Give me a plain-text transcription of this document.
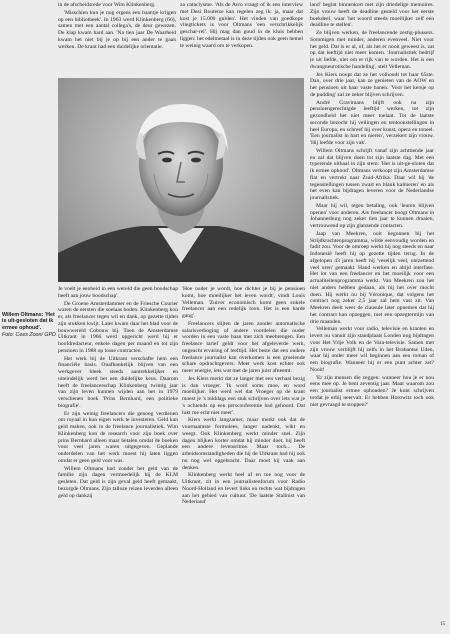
in de afscheidsrede voor Wim Klinkenberg.

'Misschien kun je nog ergens een baantje krijgen op een bibliotheek'. In 1963 werd Klinkenberg (66), samen met een aantal collega's, de deur gewezen. De klap kwam hard aan. 'Na tien jaar De Waarheid kwam het niet bij je op bij een ander te gaan werken. De krant had een duidelijke orientatie.

zo cataclysme. 'Als de Avro vraagt of ik een interview met Desi Bouterse kan regelen zeg ik: ja, maar dat kost je 15.000 gulden'. Het vinden van goedkope vliegtickets is voor Oltmans 'een verschrikkelijk geschar-rel'. Hij mag dan goud in de kluis hebben liggen: het edelmetaal is in deze tijden ook geen hemel te weinig waard om te verkopen.

Willem Oltmans: 'Het is uit-gesloten dat ik ermee ophoud'.
Foto: Cees Zoon/ GPD

land' begint binnenkort met zijn driedelige memoires. Zijn vrouw heeft de deadline gesteld voor het eerste boekdeel, waar 'het woord steeds moeilijker zelf een deadline te stellen'.

Ze blijven werken, de freelancende zestig-plussers. Sommigen met minder, anderen evenveel. Niet voor het geld. Dat is er al, of, als het er nooit geweest is, zat op dat leeftijd niet meer komen. 'Journalistiek bedrijf je uit liefde, niet om er rijk van te worden. Het is een dwangneurotische handeling', stelt Velleman.

Jes Kiers noopt dat ze het volhoudt tot haar 65ste. Dan, over drie jaar, kan ze genieten van de AOW en het pensioen uit haar vaste banen. 'Voor het kersje op de pudding' zal ze zeker blijven schrijven.

André Gravimans blijft ook na zijn pensioengerechtigde leeftijd werken, tot zijn gezondheid het niet meer toelaat. Tot de laatste seconde bezocht hij veilingen en tentoonstellingen in heel Europa, en schreef hij over kunst, opera en toneel. 'Een journalist in hart en nieren', verzekert zijn vrouw. 'Hij leefde voor zijn vak'.

Willem Oltmans schrijft vanaf zijn achttiende jaar en zal dat blijven doen tot zijn laatste dag. Met een typerende uithaal in zijn stem: 'Het is uit-ge-sloten dat ik ermee ophoud'. Oltmans verkoopt zijn Amsterdamse flat en vertrekt naar Zuid-Afrika. Daar wil hij 'de tegenstellingen tussen zwart en blank kalmeren' en als het even kan bijdragen leveren voor de Nederlandse journalistiek.

Maar hij wil, tegen betaling, ook 'leuren blijven openen' voor anderen. Als freelancer boogt Oltmans in Johannesburg nog zeker tien jaar te kunnen draaien, vertrouwend op zijn glanzende contacten.

Jaap van Meekren, ooit begonnen bij het Strijdkrachtenprogramma, wilde eenvoudig worden en fadit zou. Voor de omroep werkt hij nog steeds en naar Indonesië heeft hij op gezette tijden terug. In de afgelopen 43 jaren heeft hij 'veselijk veel, ontzettend veel uren' gemaakt. Hand werken en altijd interfase. Het lot van een freelancer en het moeilijk voor een actualiteitenprogramma werkt. Van Meekren zou het niet anders hebben gedaan, als hij het over mocht doen. Hij werkt nu bij Véronique, dat volgens het contract nog zeker 2,5 jaar zal hem vast zit. Van Meekren deelt weer de clausule later opnemen dat hij het contract kan opzeggen, met een opzegtermijn van drie maanden.

Velleman werkt voor radio, televisie en kranten en levert nu vanuit zijn standplaats Londen nog bijdragen voor Het Vrije Volk en de Vara-televisie. Samen met zijn vrouw verblijft hij zelfs in het Brabantse Uden, waar hij onder meer wil beginnen aan een roman of een biografie. Wanneer hij er een punt achter zet? Nooit!

'Er zijn mensen die zeggen: wanneer hou je er nou eens mee op. Je bent zeventig jaar. Maar waarom zou een journalist ermee ophouden? Je kunt schrijven totdat je erbij neervalt. Er hebben Horowitz toch ook niet gevraagd te stoppen?'

Je voelt je eenheid in een wereld die geen boodschap heeft aan jouw boodschap'.

De Groene Amsterdammer en de Friesche Courier waren de eersten die soelaas boden. Klinkenberg kon er, als freelancer tegen wil en dank, op gezette tijden zijn stukken kwijt. Later kwam daar het blad voor de bouwwereld Cobouw bij. Toen de Amsterdamse Uitkrant in 1966 werd opgericht werd hij er hoofdredacteur, enkele dagen per maand en tot zijn pensioen in 1988 op losse contracten.

Het werk bij de Uitkrant verschafte hem een financiële basis. Onafhankelijk blijven van een werkgever bleek steeds aantrekkelijker en uiteindelijk werd het een duidelijke keus. Daarom heeft de freelancerschap Klinkenberg twintig jaar van zijn leven kunnen wijden aan het in 1979 verschenen boek 'Prins Bernhard, een politieke biografie'.

Er zijn weinig freelancers die genoeg verdienen om royaal in hun eigen werk te investeren. Geld kan geld maken, ook in de freelance journalistiek. Wim Klinkenberg kon de research voor zijn boek over prins Bernhard alleen maar betalen omdat de boeken voor veel jaren waren uitgegeven. Geplande onderdelen van het werk moest hij laten liggen omdat er geen geld voor was.

Willem Oltmans had zonder het geld van de familie zijn dagen vermoedelijk bij de KLM gesleten. Dat geld is zijn geval geld heeft gemaakt, bezorgde Oltmans. Zijn talloze reizen leverden alleen geld op dankzij

'Hoe ouder je wordt, hoe dichter je bij je pensioen komt, hoe moeilijker het leven wordt', vindt Louis Velleman. 'Zuiver economisch komt geen enkele freelancer aan een redelijk loon. Het is een harde gang'.

Freelancers slijten de jaren zonder automatische salarisverhoging of andere voordelen die ouder worden in een vaste baan met zich meebrengen. Een freelance tarief geldt voor het afgeleverde werk, ongeacht ervaring of leeftijd. Het beste dat een oudere freelance journalist kan overkomen is een groeiende schare opdrachtgevers. Meer werk kost echter ook meer energie, iets wat met de jaren juist afneemt.

Jes Kiers merkt dat ze langer met een verhaal bezig is dan vroeger. 'Ik word soms moe, en word moeilijker. Het werd wel dat Vroeger op de krant moest je 's middags een stuk schrijven over iets wat je 's ochtends op een persconferentie had gehoord. Dat lukt me echt niet meer'.

Kiers werkt langzamer, maar merkt ook dat de voornaamste formulees, langer nadenkt, wikt en weegt. Ook Klinkenberg werkt minder snel. Zijn dagen blijken korter omdat hij minder doet, hij heeft een andere levensritme. Maar toch... De arbeidsomstandigheden die hij de Uitkrant had hij ook nu nog wel opgebracht. Daar moet hij vaak aan denken.

Klinkenberg werkt heel af en toe nog voor de Uitkrant, zit in een journalistenforum voor Radio Noord-Holland en levert links en rechts wat bijdragen aan het gebied van cultuur. 'De laatste Stalinist van Nederland'

15
